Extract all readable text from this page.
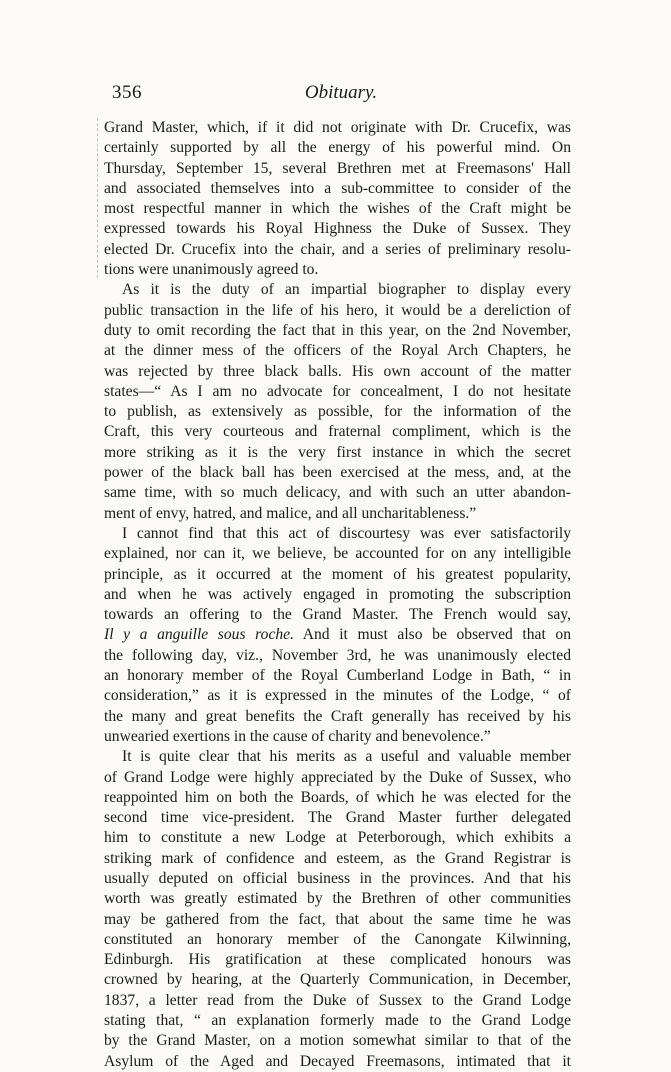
356	Obituary.
Grand Master, which, if it did not originate with Dr. Crucefix, was
certainly supported by all the energy of his powerful mind. On
Thursday, September 15, several Brethren met at Freemasons' Hall
and associated themselves into a sub-committee to consider of the
most respectful manner in which the wishes of the Craft might be
expressed towards his Royal Highness the Duke of Sussex. They
elected Dr. Crucefix into the chair, and a series of preliminary resolu-
tions were unanimously agreed to.
As it is the duty of an impartial biographer to display every
public transaction in the life of his hero, it would be a dereliction of
duty to omit recording the fact that in this year, on the 2nd November,
at the dinner mess of the officers of the Royal Arch Chapters, he
was rejected by three black balls. His own account of the matter
states—“ As I am no advocate for concealment, I do not hesitate
to publish, as extensively as possible, for the information of the
Craft, this very courteous and fraternal compliment, which is the
more striking as it is the very first instance in which the secret
power of the black ball has been exercised at the mess, and, at the
same time, with so much delicacy, and with such an utter abandon-
ment of envy, hatred, and malice, and all uncharitableness.”
I cannot find that this act of discourtesy was ever satisfactorily
explained, nor can it, we believe, be accounted for on any intelligible
principle, as it occurred at the moment of his greatest popularity,
and when he was actively engaged in promoting the subscription
towards an offering to the Grand Master. The French would say,
Il y a anguille sous roche. And it must also be observed that on
the following day, viz., November 3rd, he was unanimously elected
an honorary member of the Royal Cumberland Lodge in Bath, “ in
consideration,” as it is expressed in the minutes of the Lodge, “ of
the many and great benefits the Craft generally has received by his
unwearied exertions in the cause of charity and benevolence.”
It is quite clear that his merits as a useful and valuable member
of Grand Lodge were highly appreciated by the Duke of Sussex, who
reappointed him on both the Boards, of which he was elected for the
second time vice-president. The Grand Master further delegated
him to constitute a new Lodge at Peterborough, which exhibits a
striking mark of confidence and esteem, as the Grand Registrar is
usually deputed on official business in the provinces. And that his
worth was greatly estimated by the Brethren of other communities
may be gathered from the fact, that about the same time he was
constituted an honorary member of the Canongate Kilwinning,
Edinburgh. His gratification at these complicated honours was
crowned by hearing, at the Quarterly Communication, in December,
1837, a letter read from the Duke of Sussex to the Grand Lodge
stating that, “ an explanation formerly made to the Grand Lodge
by the Grand Master, on a motion somewhat similar to that of the
Asylum of the Aged and Decayed Freemasons, intimated that it
